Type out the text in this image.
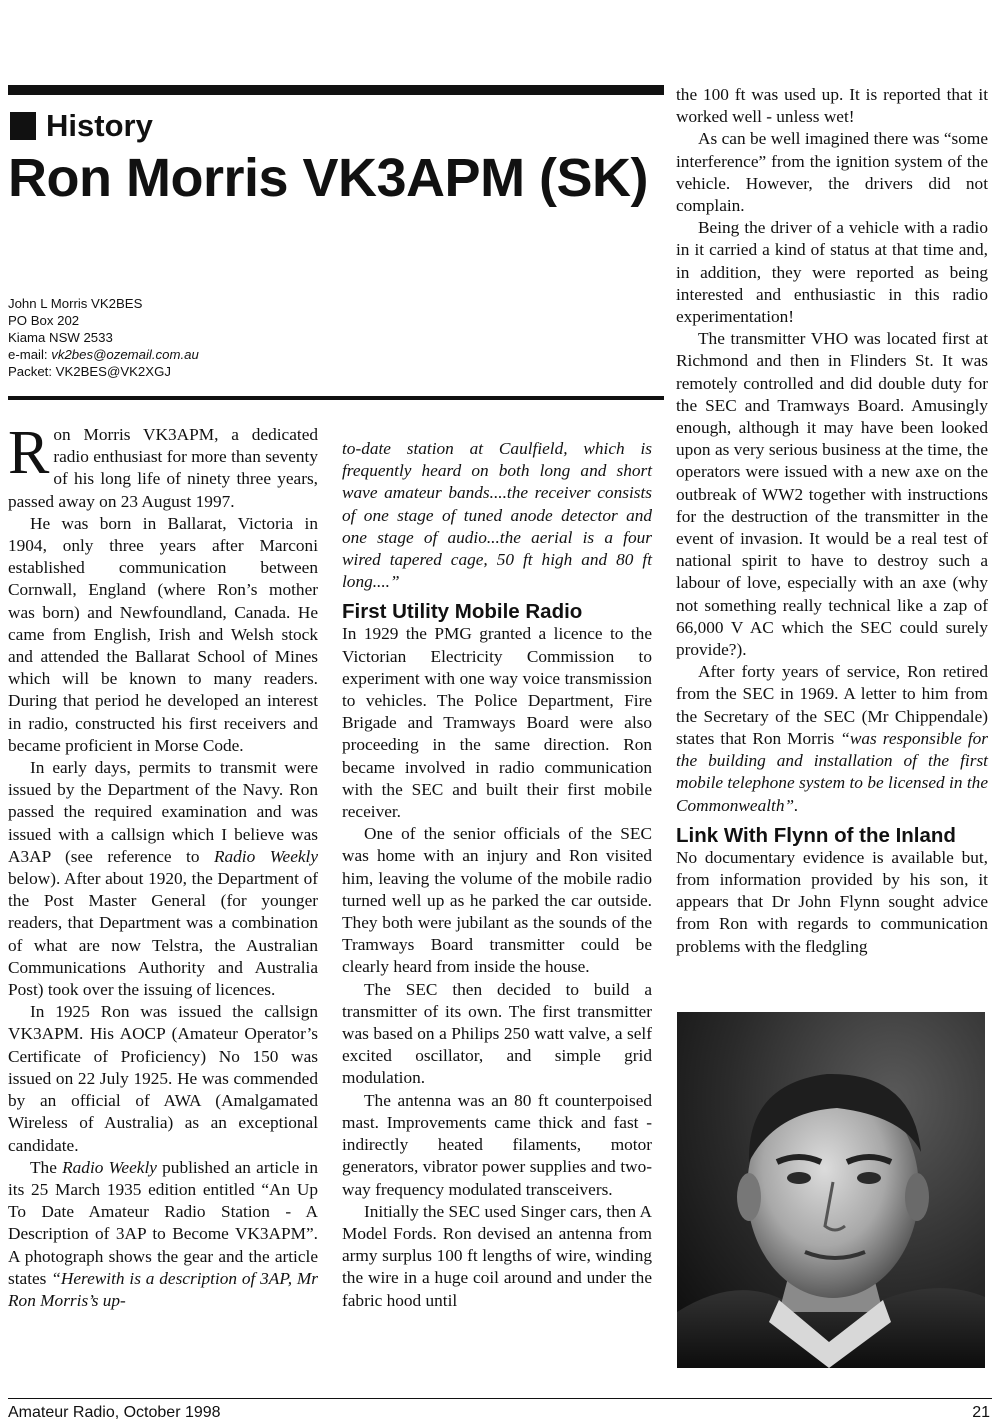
History
Ron Morris VK3APM (SK)
John L Morris VK2BES
PO Box 202
Kiama NSW 2533
e-mail: vk2bes@ozemail.com.au
Packet: VK2BES@VK2XGJ

Ron Morris VK3APM, a dedicated radio enthusiast for more than seventy of his long life of ninety three years, passed away on 23 August 1997.

He was born in Ballarat, Victoria in 1904, only three years after Marconi established communication between Cornwall, England (where Ron’s mother was born) and Newfoundland, Canada. He came from English, Irish and Welsh stock and attended the Ballarat School of Mines which will be known to many readers. During that period he developed an interest in radio, constructed his first receivers and became proficient in Morse Code.

In early days, permits to transmit were issued by the Department of the Navy. Ron passed the required examination and was issued with a callsign which I believe was A3AP (see reference to Radio Weekly below). After about 1920, the Department of the Post Master General (for younger readers, that Department was a combination of what are now Telstra, the Australian Communications Authority and Australia Post) took over the issuing of licences.

In 1925 Ron was issued the callsign VK3APM. His AOCP (Amateur Operator’s Certificate of Proficiency) No 150 was issued on 22 July 1925. He was commended by an official of AWA (Amalgamated Wireless of Australia) as an exceptional candidate.

The Radio Weekly published an article in its 25 March 1935 edition entitled “An Up To Date Amateur Radio Station - A Description of 3AP to Become VK3APM”. A photograph shows the gear and the article states “Herewith is a description of 3AP, Mr Ron Morris’s up-

to-date station at Caulfield, which is frequently heard on both long and short wave amateur bands....the receiver consists of one stage of tuned anode detector and one stage of audio...the aerial is a four wired tapered cage, 50 ft high and 80 ft long....”

First Utility Mobile Radio

In 1929 the PMG granted a licence to the Victorian Electricity Commission to experiment with one way voice transmission to vehicles. The Police Department, Fire Brigade and Tramways Board were also proceeding in the same direction. Ron became involved in radio communication with the SEC and built their first mobile receiver.

One of the senior officials of the SEC was home with an injury and Ron visited him, leaving the volume of the mobile radio turned well up as he parked the car outside. They both were jubilant as the sounds of the Tramways Board transmitter could be clearly heard from inside the house.

The SEC then decided to build a transmitter of its own. The first transmitter was based on a Philips 250 watt valve, a self excited oscillator, and simple grid modulation.

The antenna was an 80 ft counterpoised mast. Improvements came thick and fast - indirectly heated filaments, motor generators, vibrator power supplies and two-way frequency modulated transceivers.

Initially the SEC used Singer cars, then A Model Fords. Ron devised an antenna from army surplus 100 ft lengths of wire, winding the wire in a huge coil around and under the fabric hood until

the 100 ft was used up. It is reported that it worked well - unless wet!

As can be well imagined there was “some interference” from the ignition system of the vehicle. However, the drivers did not complain.

Being the driver of a vehicle with a radio in it carried a kind of status at that time and, in addition, they were reported as being interested and enthusiastic in this radio experimentation!

The transmitter VHO was located first at Richmond and then in Flinders St. It was remotely controlled and did double duty for the SEC and Tramways Board. Amusingly enough, although it may have been looked upon as very serious business at the time, the operators were issued with a new axe on the outbreak of WW2 together with instructions for the destruction of the transmitter in the event of invasion. It would be a real test of national spirit to have to destroy such a labour of love, especially with an axe (why not something really technical like a zap of 66,000 V AC which the SEC could surely provide?).

After forty years of service, Ron retired from the SEC in 1969. A letter to him from the Secretary of the SEC (Mr Chippendale) states that Ron Morris “was responsible for the building and installation of the first mobile telephone system to be licensed in the Commonwealth”.

Link With Flynn of the Inland

No documentary evidence is available but, from information provided by his son, it appears that Dr John Flynn sought advice from Ron with regards to communication problems with the fledgling

Amateur Radio, October 1998	21
